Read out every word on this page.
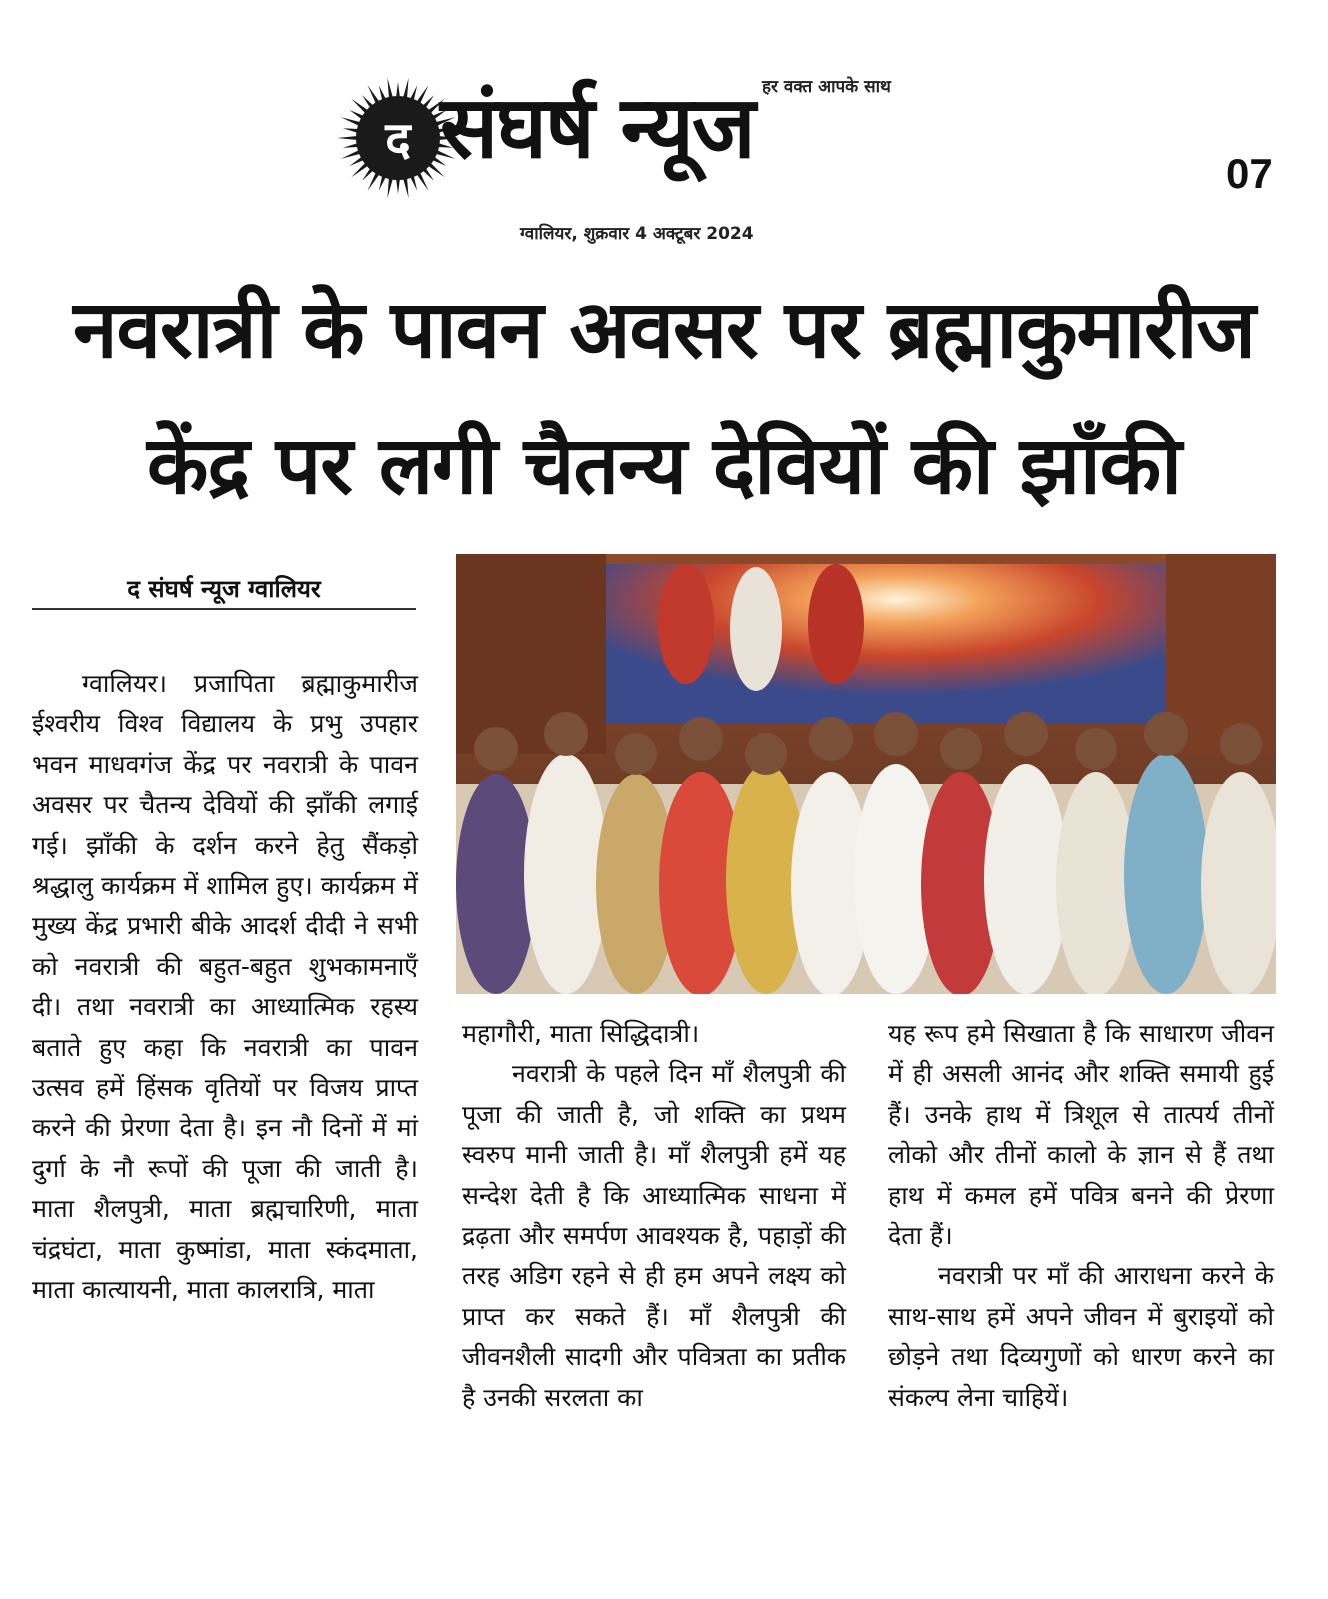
द संघर्ष न्यूज हर वक्त आपके साथ
07
ग्वालियर, शुक्रवार 4 अक्टूबर 2024
नवरात्री के पावन अवसर पर ब्रह्माकुमारीज
केंद्र पर लगी चैतन्य देवियों की झाँकी
द संघर्ष न्यूज ग्वालियर

ग्वालियर। प्रजापिता ब्रह्माकुमारीज ईश्वरीय विश्व विद्यालय के प्रभु उपहार भवन माधवगंज केंद्र पर नवरात्री के पावन अवसर पर चैतन्य देवियों की झाँकी लगाई गई। झाँकी के दर्शन करने हेतु सैंकड़ो श्रद्धालु कार्यक्रम में शामिल हुए। कार्यक्रम में मुख्य केंद्र प्रभारी बीके आदर्श दीदी ने सभी को नवरात्री की बहुत-बहुत शुभकामनाएँ दी। तथा नवरात्री का आध्यात्मिक रहस्य बताते हुए कहा कि नवरात्री का पावन उत्सव हमें हिंसक वृतियों पर विजय प्राप्त करने की प्रेरणा देता है। इन नौ दिनों में मां दुर्गा के नौ रूपों की पूजा की जाती है। माता शैलपुत्री, माता ब्रह्मचारिणी, माता चंद्रघंटा, माता कुष्मांडा, माता स्कंदमाता, माता कात्यायनी, माता कालरात्रि, माता

महागौरी, माता सिद्धिदात्री।

नवरात्री के पहले दिन माँ शैलपुत्री की पूजा की जाती है, जो शक्ति का प्रथम स्वरुप मानी जाती है। माँ शैलपुत्री हमें यह सन्देश देती है कि आध्यात्मिक साधना में द्रढ़ता और समर्पण आवश्यक है, पहाड़ों की तरह अडिग रहने से ही हम अपने लक्ष्य को प्राप्त कर सकते हैं। माँ शैलपुत्री की जीवनशैली सादगी और पवित्रता का प्रतीक है उनकी सरलता का

यह रूप हमे सिखाता है कि साधारण जीवन में ही असली आनंद और शक्ति समायी हुई हैं। उनके हाथ में त्रिशूल से तात्पर्य तीनों लोको और तीनों कालो के ज्ञान से हैं तथा हाथ में कमल हमें पवित्र बनने की प्रेरणा देता हैं।

नवरात्री पर माँ की आराधना करने के साथ-साथ हमें अपने जीवन में बुराइयों को छोड़ने तथा दिव्यगुणों को धारण करने का संकल्प लेना चाहियें।
